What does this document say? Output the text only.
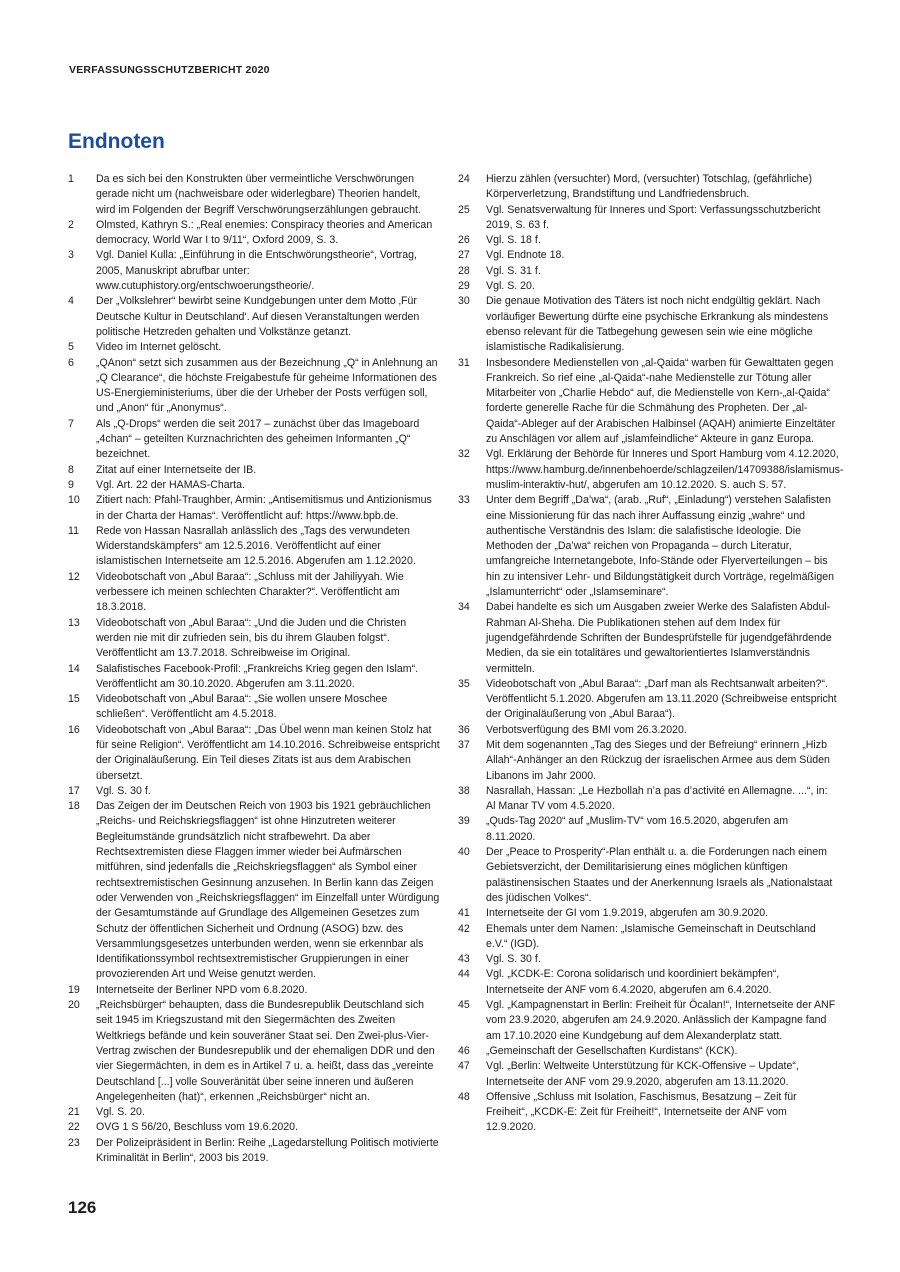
VERFASSUNGSSCHUTZBERICHT 2020
Endnoten
1	Da es sich bei den Konstrukten über vermeintliche Verschwörungen gerade nicht um (nachweisbare oder widerlegbare) Theorien handelt, wird im Folgenden der Begriff Verschwörungserzählungen gebraucht.
2	Olmsted, Kathryn S.: „Real enemies: Conspiracy theories and American democracy, World War I to 9/11“, Oxford 2009, S. 3.
3	Vgl. Daniel Kulla: „Einführung in die Entschwörungstheorie“, Vortrag, 2005, Manuskript abrufbar unter: www.cutuphistory.org/entschwoerungstheorie/.
4	Der „Volkslehrer“ bewirbt seine Kundgebungen unter dem Motto ‚Für Deutsche Kultur in Deutschland‘. Auf diesen Veranstaltungen werden politische Hetzreden gehalten und Volkstänze getanzt.
5	Video im Internet gelöscht.
6	„QAnon“ setzt sich zusammen aus der Bezeichnung „Q“ in Anlehnung an „Q Clearance“, die höchste Freigabestufe für geheime Informationen des US-Energieministeriums, über die der Urheber der Posts verfügen soll, und „Anon“ für „Anonymus“.
7	Als „Q-Drops“ werden die seit 2017 – zunächst über das Imageboard „4chan“ – geteilten Kurznachrichten des geheimen Informanten „Q“ bezeichnet.
8	Zitat auf einer Internetseite der IB.
9	Vgl. Art. 22 der HAMAS-Charta.
10	Zitiert nach: Pfahl-Traughber, Armin: „Antisemitismus und Antizionismus in der Charta der Hamas“. Veröffentlicht auf: https://www.bpb.de.
11	Rede von Hassan Nasrallah anlässlich des „Tags des verwundeten Widerstandskämpfers“ am 12.5.2016. Veröffentlicht auf einer islamistischen Internetseite am 12.5.2016. Abgerufen am 1.12.2020.
12	Videobotschaft von „Abul Baraa“: „Schluss mit der Jahiliyyah. Wie verbessere ich meinen schlechten Charakter?“. Veröffentlicht am 18.3.2018.
13	Videobotschaft von „Abul Baraa“: „Und die Juden und die Christen werden nie mit dir zufrieden sein, bis du ihrem Glauben folgst“. Veröffentlicht am 13.7.2018. Schreibweise im Original.
14	Salafistisches Facebook-Profil: „Frankreichs Krieg gegen den Islam“. Veröffentlicht am 30.10.2020. Abgerufen am 3.11.2020.
15	Videobotschaft von „Abul Baraa“: „Sie wollen unsere Moschee schließen“. Veröffentlicht am 4.5.2018.
16	Videobotschaft von „Abul Baraa“: „Das Übel wenn man keinen Stolz hat für seine Religion“. Veröffentlicht am 14.10.2016. Schreibweise entspricht der Originaläußerung. Ein Teil dieses Zitats ist aus dem Arabischen übersetzt.
17	Vgl. S. 30 f.
18	Das Zeigen der im Deutschen Reich von 1903 bis 1921 gebräuchlichen „Reichs- und Reichskriegsflaggen“ ist ohne Hinzutreten weiterer Begleitumstände grundsätzlich nicht strafbewehrt. Da aber Rechtsextremisten diese Flaggen immer wieder bei Aufmärschen mitführen, sind jedenfalls die „Reichskriegsflaggen“ als Symbol einer rechtsextremistischen Gesinnung anzusehen. In Berlin kann das Zeigen oder Verwenden von „Reichskriegsflaggen“ im Einzelfall unter Würdigung der Gesamtumstände auf Grundlage des Allgemeinen Gesetzes zum Schutz der öffentlichen Sicherheit und Ordnung (ASOG) bzw. des Versammlungsgesetzes unterbunden werden, wenn sie erkennbar als Identifikationssymbol rechtsextremistischer Gruppierungen in einer provozierenden Art und Weise genutzt werden.
19	Internetseite der Berliner NPD vom 6.8.2020.
20	„Reichsbürger“ behaupten, dass die Bundesrepublik Deutschland sich seit 1945 im Kriegszustand mit den Siegermächten des Zweiten Weltkriegs befände und kein souveräner Staat sei. Den Zwei-plus-Vier-Vertrag zwischen der Bundesrepublik und der ehemaligen DDR und den vier Siegermächten, in dem es in Artikel 7 u. a. heißt, dass das „vereinte Deutschland [...] volle Souveränität über seine inneren und äußeren Angelegenheiten (hat)“, erkennen „Reichsbürger“ nicht an.
21	Vgl. S. 20.
22	OVG 1 S 56/20, Beschluss vom 19.6.2020.
23	Der Polizeipräsident in Berlin: Reihe „Lagedarstellung Politisch motivierte Kriminalität in Berlin“, 2003 bis 2019.
24	Hierzu zählen (versuchter) Mord, (versuchter) Totschlag, (gefährliche) Körperverletzung, Brandstiftung und Landfriedensbruch.
25	Vgl. Senatsverwaltung für Inneres und Sport: Verfassungsschutzbericht 2019, S. 63 f.
26	Vgl. S. 18 f.
27	Vgl. Endnote 18.
28	Vgl. S. 31 f.
29	Vgl. S. 20.
30	Die genaue Motivation des Täters ist noch nicht endgültig geklärt. Nach vorläufiger Bewertung dürfte eine psychische Erkrankung als mindestens ebenso relevant für die Tatbegehung gewesen sein wie eine mögliche islamistische Radikalisierung.
31	Insbesondere Medienstellen von „al-Qaida“ warben für Gewalttaten gegen Frankreich. So rief eine „al-Qaida“-nahe Medienstelle zur Tötung aller Mitarbeiter von „Charlie Hebdo“ auf, die Medienstelle von Kern-„al-Qaida“ forderte generelle Rache für die Schmähung des Propheten. Der „al-Qaida“-Ableger auf der Arabischen Halbinsel (AQAH) animierte Einzeltäter zu Anschlägen vor allem auf „islamfeindliche“ Akteure in ganz Europa.
32	Vgl. Erklärung der Behörde für Inneres und Sport Hamburg vom 4.12.2020, https://www.hamburg.de/innenbehoerde/schlagzeilen/14709388/islamismus-muslim-interaktiv-hut/, abgerufen am 10.12.2020. S. auch S. 57.
33	Unter dem Begriff „Da’wa“, (arab. „Ruf“, „Einladung“) verstehen Salafisten eine Missionierung für das nach ihrer Auffassung einzig „wahre“ und authentische Verständnis des Islam: die salafistische Ideologie. Die Methoden der „Da’wa“ reichen von Propaganda – durch Literatur, umfangreiche Internetangebote, Info-Stände oder Flyerverteilungen – bis hin zu intensiver Lehr- und Bildungstätigkeit durch Vorträge, regelmäßigen „Islamunterricht“ oder „Islamseminare“.
34	Dabei handelte es sich um Ausgaben zweier Werke des Salafisten Abdul-Rahman Al-Sheha. Die Publikationen stehen auf dem Index für jugendgefährdende Schriften der Bundesprüfstelle für jugendgefährdende Medien, da sie ein totalitäres und gewaltorientiertes Islamverständnis vermitteln.
35	Videobotschaft von „Abul Baraa“: „Darf man als Rechtsanwalt arbeiten?“. Veröffentlicht 5.1.2020. Abgerufen am 13.11.2020 (Schreibweise entspricht der Originaläußerung von „Abul Baraa“).
36	Verbotsverfügung des BMI vom 26.3.2020.
37	Mit dem sogenannten „Tag des Sieges und der Befreiung“ erinnern „Hizb Allah“-Anhänger an den Rückzug der israelischen Armee aus dem Süden Libanons im Jahr 2000.
38	Nasrallah, Hassan: „Le Hezbollah n’a pas d’activité en Allemagne. ...“, in: Al Manar TV vom 4.5.2020.
39	„Quds-Tag 2020“ auf „Muslim-TV“ vom 16.5.2020, abgerufen am 8.11.2020.
40	Der „Peace to Prosperity“-Plan enthält u. a. die Forderungen nach einem Gebietsverzicht, der Demilitarisierung eines möglichen künftigen palästinensischen Staates und der Anerkennung Israels als „Nationalstaat des jüdischen Volkes“.
41	Internetseite der GI vom 1.9.2019, abgerufen am 30.9.2020.
42	Ehemals unter dem Namen: „Islamische Gemeinschaft in Deutschland e.V.“ (IGD).
43	Vgl. S. 30 f.
44	Vgl. „KCDK-E: Corona solidarisch und koordiniert bekämpfen“, Internetseite der ANF vom 6.4.2020, abgerufen am 6.4.2020.
45	Vgl. „Kampagnenstart in Berlin: Freiheit für Öcalan!“, Internetseite der ANF vom 23.9.2020, abgerufen am 24.9.2020. Anlässlich der Kampagne fand am 17.10.2020 eine Kundgebung auf dem Alexanderplatz statt.
46	„Gemeinschaft der Gesellschaften Kurdistans“ (KCK).
47	Vgl. „Berlin: Weltweite Unterstützung für KCK-Offensive – Update“, Internetseite der ANF vom 29.9.2020, abgerufen am 13.11.2020.
48	Offensive „Schluss mit Isolation, Faschismus, Besatzung – Zeit für Freiheit“, „KCDK-E: Zeit für Freiheit!“, Internetseite der ANF vom 12.9.2020.
126
